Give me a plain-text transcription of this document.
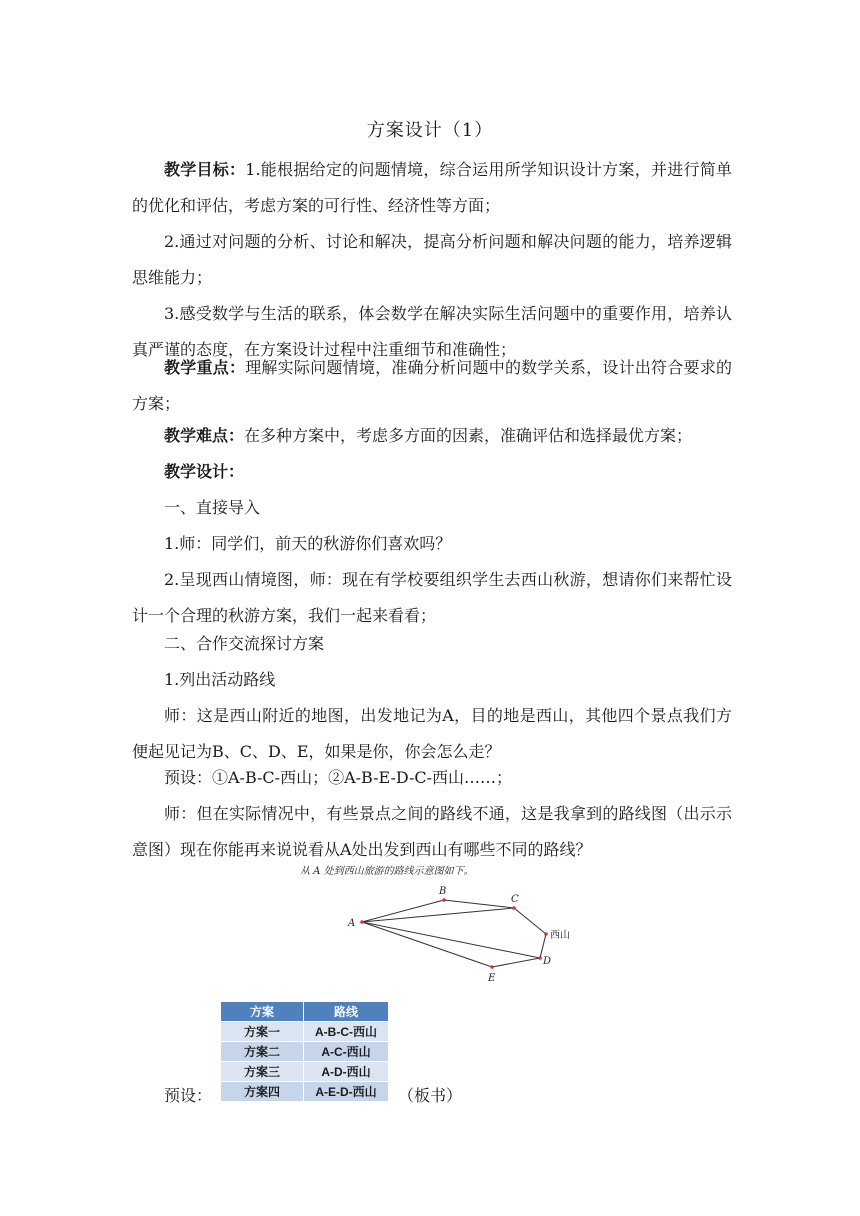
方案设计（1）

教学目标：1.能根据给定的问题情境，综合运用所学知识设计方案，并进行简单的优化和评估，考虑方案的可行性、经济性等方面；

2.通过对问题的分析、讨论和解决，提高分析问题和解决问题的能力，培养逻辑思维能力；

3.感受数学与生活的联系，体会数学在解决实际生活问题中的重要作用，培养认真严谨的态度，在方案设计过程中注重细节和准确性；

教学重点：理解实际问题情境，准确分析问题中的数学关系，设计出符合要求的方案；

教学难点：在多种方案中，考虑多方面的因素，准确评估和选择最优方案；

教学设计：

一、直接导入

1.师：同学们，前天的秋游你们喜欢吗？

2.呈现西山情境图，师：现在有学校要组织学生去西山秋游，想请你们来帮忙设计一个合理的秋游方案，我们一起来看看；

二、合作交流探讨方案

1.列出活动路线

师：这是西山附近的地图，出发地记为A，目的地是西山，其他四个景点我们方便起见记为B、C、D、E，如果是你，你会怎么走？

预设：①A-B-C-西山；②A-B-E-D-C-西山……；

师：但在实际情况中，有些景点之间的路线不通，这是我拿到的路线图（出示示意图）现在你能再来说说看从A处出发到西山有哪些不同的路线？

从 A 处到西山旅游的路线示意图如下。
A
B
C
西山
D
E
方案	路线
方案一	A-B-C-西山
方案二	A-C-西山
方案三	A-D-西山
方案四	A-E-D-西山
预设：	（板书）
